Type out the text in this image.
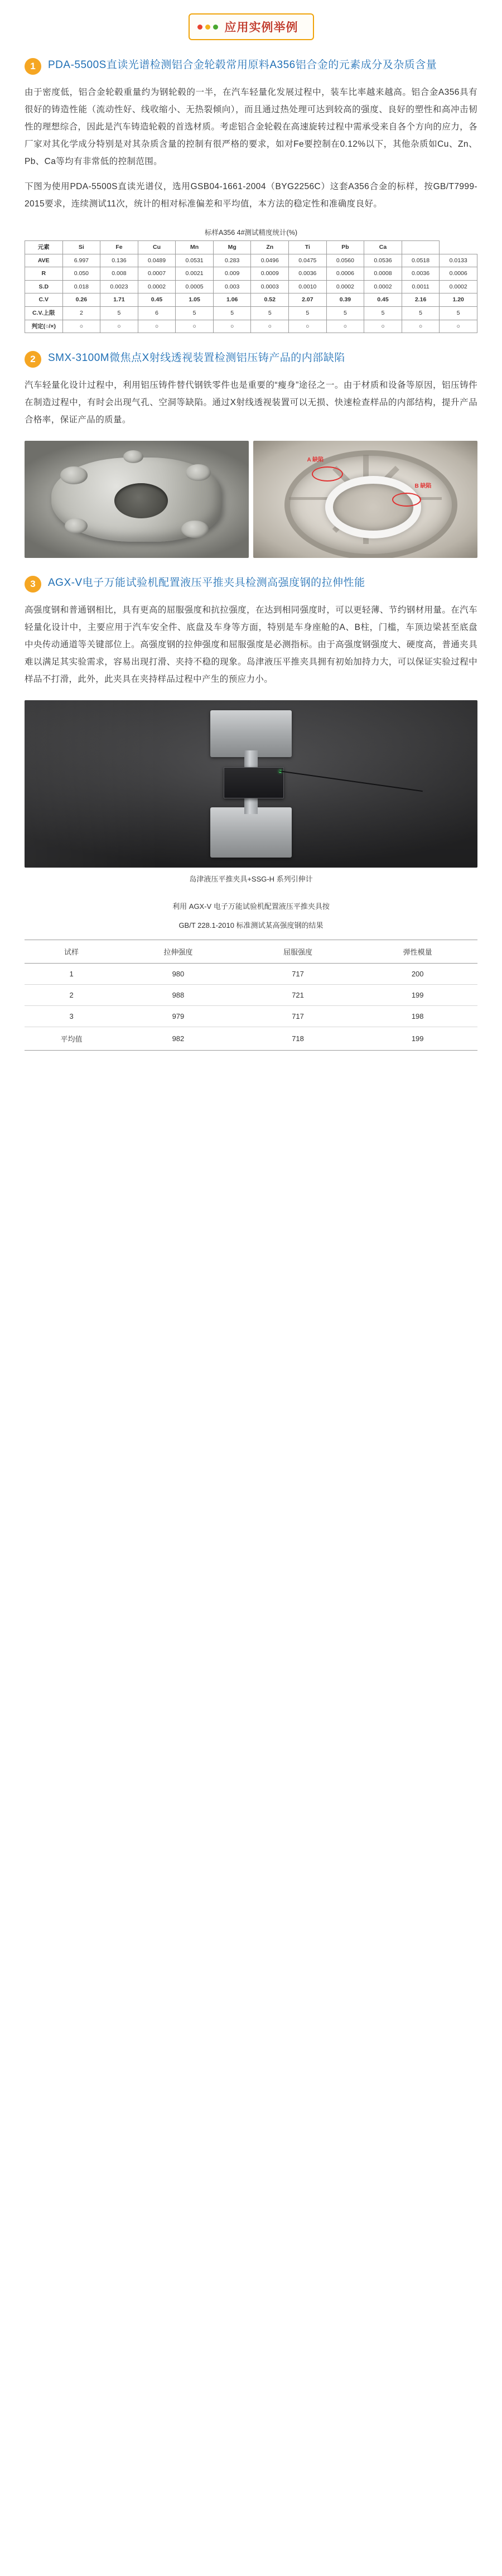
应用实例举例
1	PDA-5500S直读光谱检测铝合金轮毂常用原料A356铝合金的元素成分及杂质含量

由于密度低，铝合金轮毂重量约为钢轮毂的一半，在汽车轻量化发展过程中，装车比率越来越高。铝合金A356具有很好的铸造性能（流动性好、线收缩小、无热裂倾向），而且通过热处理可达到较高的强度、良好的塑性和高冲击韧性的理想综合，因此是汽车铸造轮毂的首选材质。考虑铝合金轮毂在高速旋转过程中需承受来自各个方向的应力，各厂家对其化学成分特别是对其杂质含量的控制有很严格的要求，如对Fe要控制在0.12%以下，其他杂质如Cu、Zn、Pb、Ca等均有非常低的控制范围。

下图为使用PDA-5500S直读光谱仪，选用GSB04-1661-2004（BYG2256C）这套A356合金的标样，按GB/T7999-2015要求，连续测试11次，统计的相对标准偏差和平均值，本方法的稳定性和准确度良好。

标样A356 4#测试精度统计(%)
元素	Si	Fe	Cu	Mn	Mg	Zn	Ti	Pb	Ca		
AVE	6.997	0.136	0.0489	0.0531	0.283	0.0496	0.0475	0.0560	0.0536	0.0518	0.0133
R	0.050	0.008	0.0007	0.0021	0.009	0.0009	0.0036	0.0006	0.0008	0.0036	0.0006
S.D	0.018	0.0023	0.0002	0.0005	0.003	0.0003	0.0010	0.0002	0.0002	0.0011	0.0002
C.V	0.26	1.71	0.45	1.05	1.06	0.52	2.07	0.39	0.45	2.16	1.20
C.V.上限	2	5	6	5	5	5	5	5	5	5	5
判定(○/×)	○	○	○	○	○	○	○	○	○	○	○
2	SMX-3100M微焦点X射线透视装置检测铝压铸产品的内部缺陷

汽车轻量化设计过程中，利用铝压铸件替代钢铁零件也是重要的“瘦身”途径之一。由于材质和设备等原因，铝压铸件在制造过程中，有时会出现气孔、空洞等缺陷。通过X射线透视装置可以无损、快速检查样品的内部结构，提升产品合格率，保证产品的质量。

A 缺陷
B 缺陷
3	AGX-V电子万能试验机配置液压平推夹具检测高强度钢的拉伸性能

高强度钢和普通钢相比，具有更高的屈服强度和抗拉强度，在达到相同强度时，可以更轻薄、节约钢材用量。在汽车轻量化设计中，主要应用于汽车安全件、底盘及车身等方面，特别是车身座舱的A、B柱，门槛，车顶边梁甚至底盘中央传动通道等关键部位上。高强度钢的拉伸强度和屈服强度是必测指标。由于高强度钢强度大、硬度高，普通夹具难以满足其实验需求，容易出现打滑、夹持不稳的现象。岛津液压平推夹具拥有初始加持力大，可以保证实验过程中样品不打滑，此外，此夹具在夹持样品过程中产生的预应力小。

岛津液压平推夹具+SSG-H 系列引伸计
利用 AGX-V 电子万能试验机配置液压平推夹具按
GB/T 228.1-2010 标准测试某高强度钢的结果
试样	拉伸强度	屈服强度	弹性模量
1	980	717	200
2	988	721	199
3	979	717	198
平均值	982	718	199
